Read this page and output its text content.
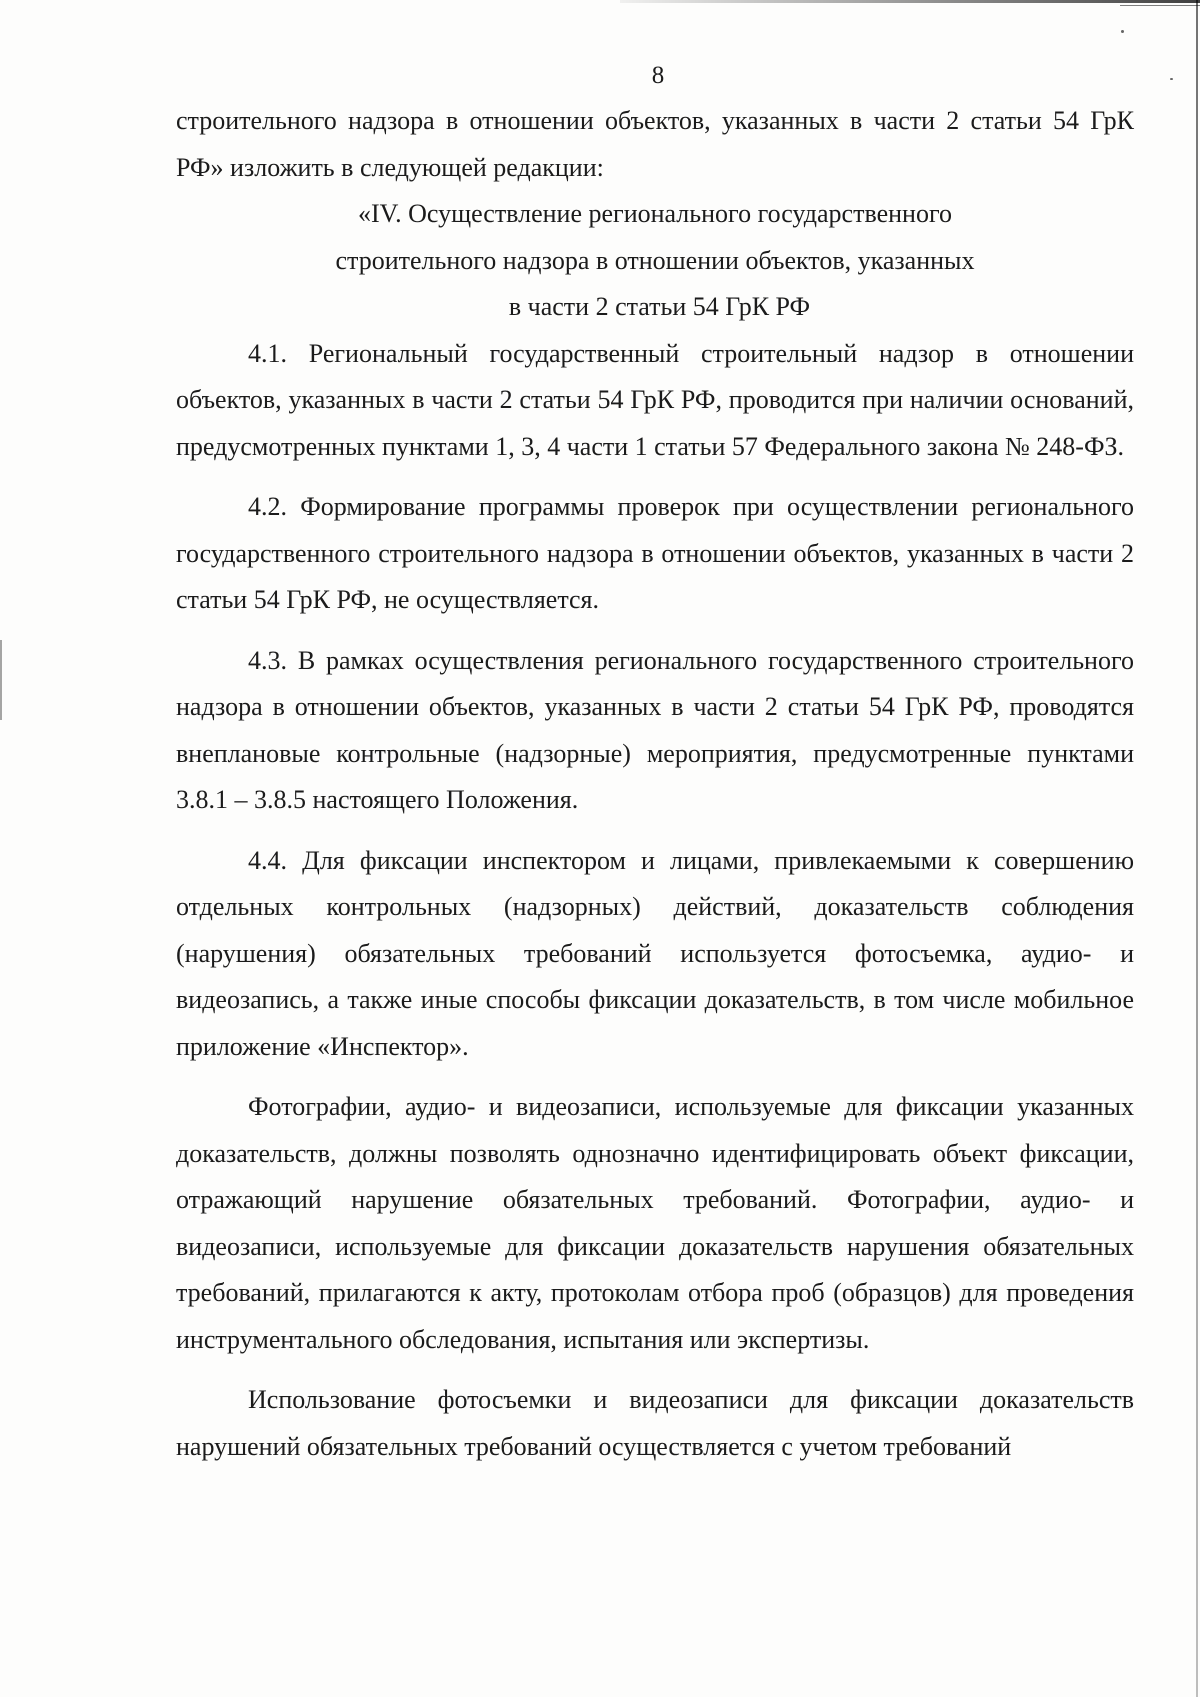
8

строительного надзора в отношении объектов, указанных в части 2 статьи 54 ГрК РФ» изложить в следующей редакции:

«IV. Осуществление регионального государственного

строительного надзора в отношении объектов, указанных

в части 2 статьи 54 ГрК РФ

4.1. Региональный государственный строительный надзор в отношении объектов, указанных в части 2 статьи 54 ГрК РФ, проводится при наличии оснований, предусмотренных пунктами 1, 3, 4 части 1 статьи 57 Федерального закона № 248-ФЗ.

4.2. Формирование программы проверок при осуществлении регионального государственного строительного надзора в отношении объектов, указанных в части 2 статьи 54 ГрК РФ, не осуществляется.

4.3. В рамках осуществления регионального государственного строительного надзора в отношении объектов, указанных в части 2 статьи 54 ГрК РФ, проводятся внеплановые контрольные (надзорные) мероприятия, предусмотренные пунктами 3.8.1 – 3.8.5 настоящего Положения.

4.4. Для фиксации инспектором и лицами, привлекаемыми к совершению отдельных контрольных (надзорных) действий, доказательств соблюдения (нарушения) обязательных требований используется фотосъемка, аудио- и видеозапись, а также иные способы фиксации доказательств, в том числе мобильное приложение «Инспектор».

Фотографии, аудио- и видеозаписи, используемые для фиксации указанных доказательств, должны позволять однозначно идентифицировать объект фиксации, отражающий нарушение обязательных требований. Фотографии, аудио- и видеозаписи, используемые для фиксации доказательств нарушения обязательных требований, прилагаются к акту, протоколам отбора проб (образцов) для проведения инструментального обследования, испытания или экспертизы.

Использование фотосъемки и видеозаписи для фиксации доказательств нарушений обязательных требований осуществляется с учетом требований
